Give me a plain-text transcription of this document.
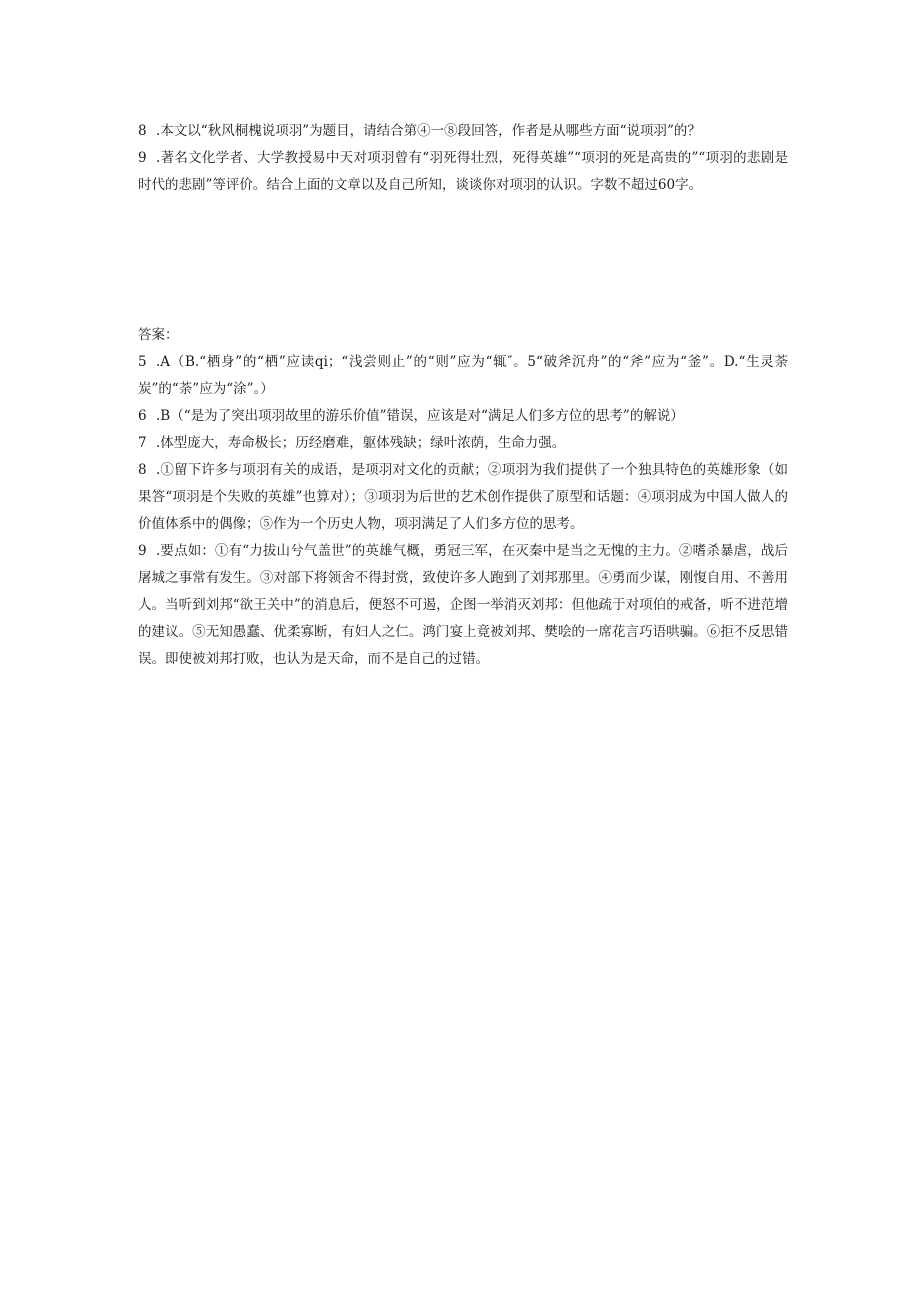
8 .本文以“秋风桐槐说项羽”为题目，请结合第④一⑧段回答，作者是从哪些方面“说项羽”的？

9 .著名文化学者、大学教授易中天对项羽曾有“羽死得壮烈，死得英雄”“项羽的死是高贵的”“项羽的悲剧是时代的悲剧”等评价。结合上面的文章以及自己所知，谈谈你对项羽的认识。字数不超过60字。

答案：

5 .A（B.“栖身”的“栖”应读qi；“浅尝则止”的“则”应为“辄″。5“破斧沉舟”的“斧”应为“釜”。D.“生灵荼炭”的“荼”应为“涂”。）

6 .B（“是为了突出项羽故里的游乐价值”错误，应该是对“满足人们多方位的思考”的解说）

7 .体型庞大，寿命极长；历经磨难，躯体残缺；绿叶浓荫，生命力强。

8 .①留下许多与项羽有关的成语，是项羽对文化的贡献；②项羽为我们提供了一个独具特色的英雄形象（如果答“项羽是个失败的英雄”也算对）；③项羽为后世的艺术创作提供了原型和话题：④项羽成为中国人做人的价值体系中的偶像；⑤作为一个历史人物，项羽满足了人们多方位的思考。

9 .要点如：①有“力拔山兮气盖世”的英雄气概，勇冠三军，在灭秦中是当之无愧的主力。②嗜杀暴虐，战后屠城之事常有发生。③对部下将领舍不得封赏，致使许多人跑到了刘邦那里。④勇而少谋，刚愎自用、不善用人。当听到刘邦“欲王关中”的消息后，便怒不可遏，企图一举消灭刘邦：但他疏于对项伯的戒备，听不进范增的建议。⑤无知愚蠢、优柔寡断，有妇人之仁。鸿门宴上竟被刘邦、樊哙的一席花言巧语哄骗。⑥拒不反思错误。即使被刘邦打败，也认为是天命，而不是自己的过错。
